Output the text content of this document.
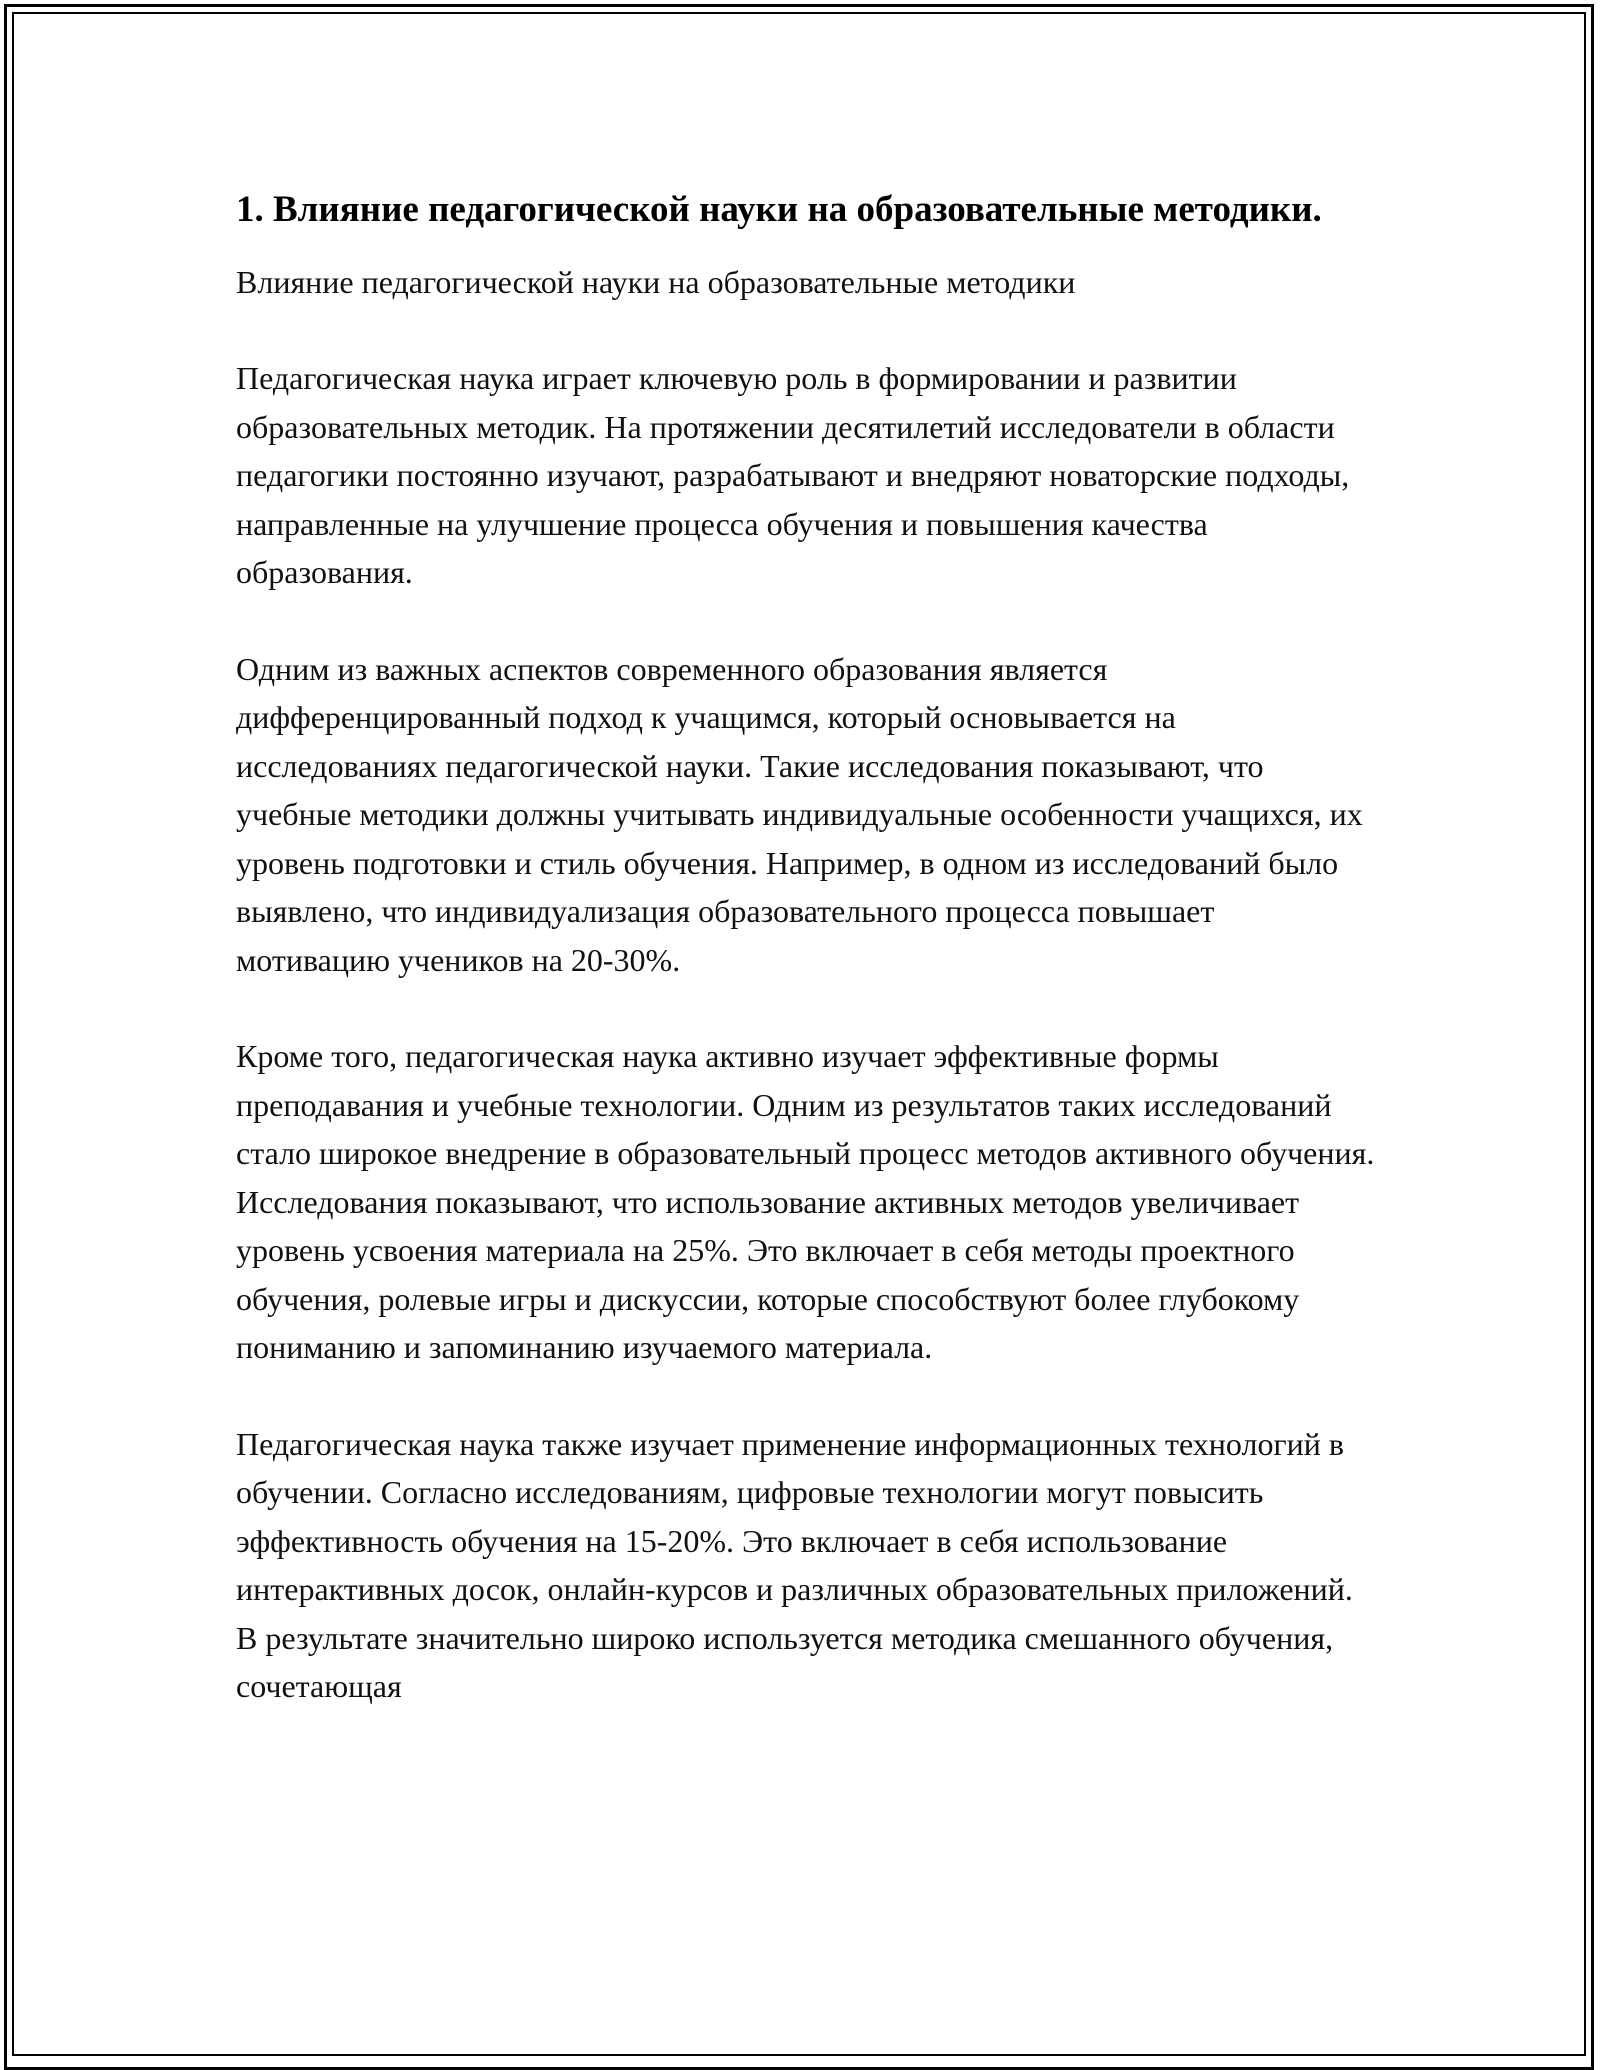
1. Влияние педагогической науки на образовательные методики.

Влияние педагогической науки на образовательные методики

Педагогическая наука играет ключевую роль в формировании и развитии образовательных методик. На протяжении десятилетий исследователи в области педагогики постоянно изучают, разрабатывают и внедряют новаторские подходы, направленные на улучшение процесса обучения и повышения качества образования.

Одним из важных аспектов современного образования является дифференцированный подход к учащимся, который основывается на исследованиях педагогической науки. Такие исследования показывают, что учебные методики должны учитывать индивидуальные особенности учащихся, их уровень подготовки и стиль обучения. Например, в одном из исследований было выявлено, что индивидуализация образовательного процесса повышает мотивацию учеников на 20-30%.

Кроме того, педагогическая наука активно изучает эффективные формы преподавания и учебные технологии. Одним из результатов таких исследований стало широкое внедрение в образовательный процесс методов активного обучения. Исследования показывают, что использование активных методов увеличивает уровень усвоения материала на 25%. Это включает в себя методы проектного обучения, ролевые игры и дискуссии, которые способствуют более глубокому пониманию и запоминанию изучаемого материала.

Педагогическая наука также изучает применение информационных технологий в обучении. Согласно исследованиям, цифровые технологии могут повысить эффективность обучения на 15-20%. Это включает в себя использование интерактивных досок, онлайн-курсов и различных образовательных приложений. В результате значительно широко используется методика смешанного обучения, сочетающая
